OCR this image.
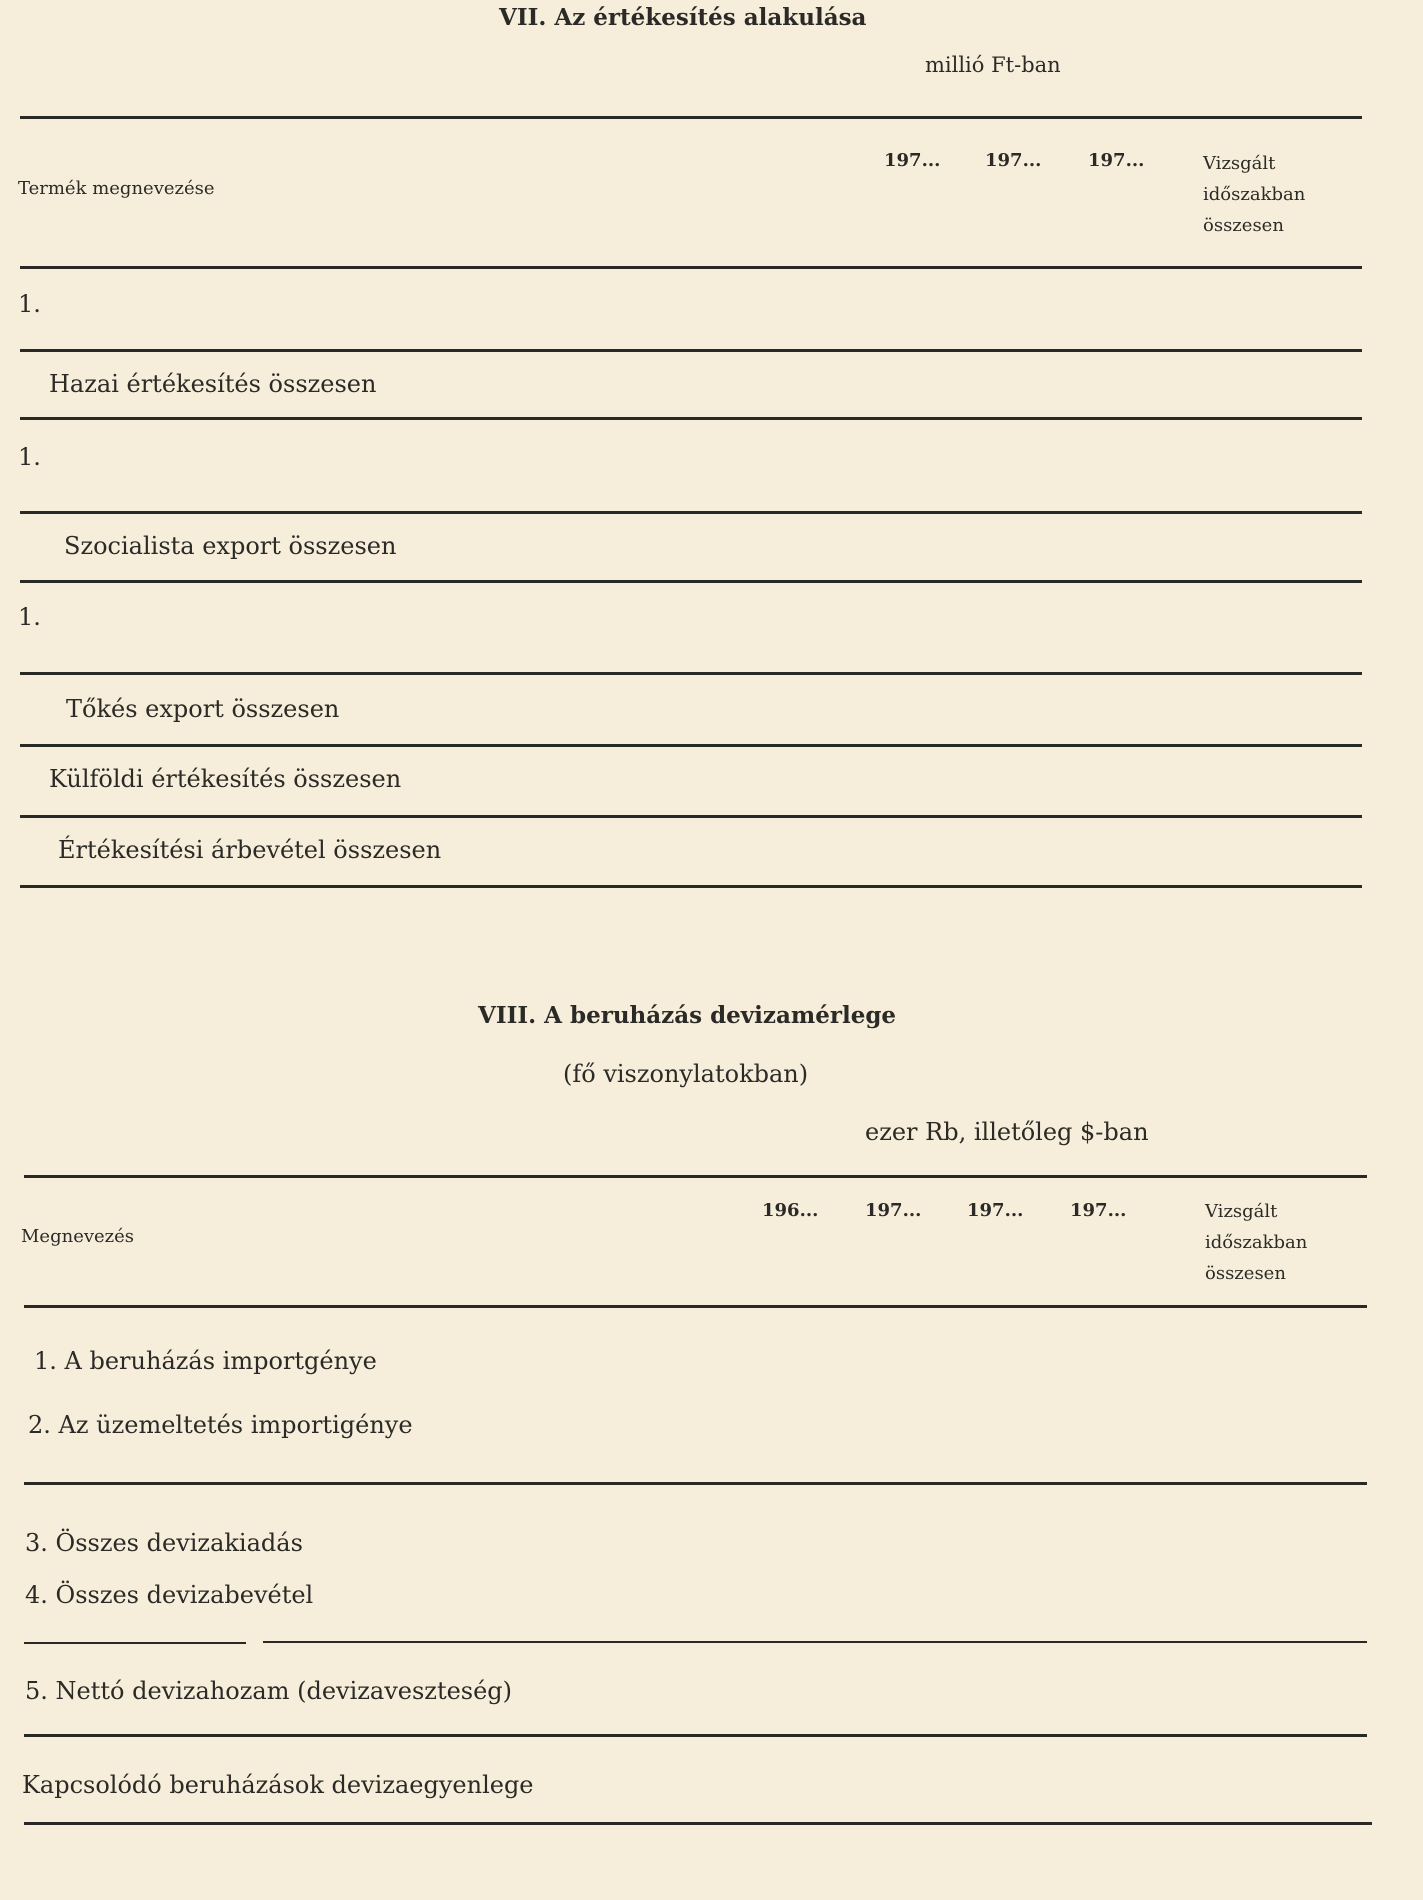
VII. Az értékesítés alakulása
millió Ft-ban
Termék megnevezése
197... 197...	197...	Vizsgált
időszakban
összesen
1.
Hazai értékesítés összesen
1.
Szocialista export összesen
1.
Tőkés export összesen
Külföldi értékesítés összesen
Értékesítési árbevétel összesen
VIII. A beruházás devizamérlege
(fő viszonylatokban)
ezer Rb, illetőleg $-ban
Megnevezés
196...	197...	197...	197...	Vizsgált
időszakban
összesen
1. A beruházás importgénye
2. Az üzemeltetés importigénye
3. Összes devizakiadás
4. Összes devizabevétel
5. Nettó devizahozam (devizaveszteség)
Kapcsolódó beruházások devizaegyenlege
